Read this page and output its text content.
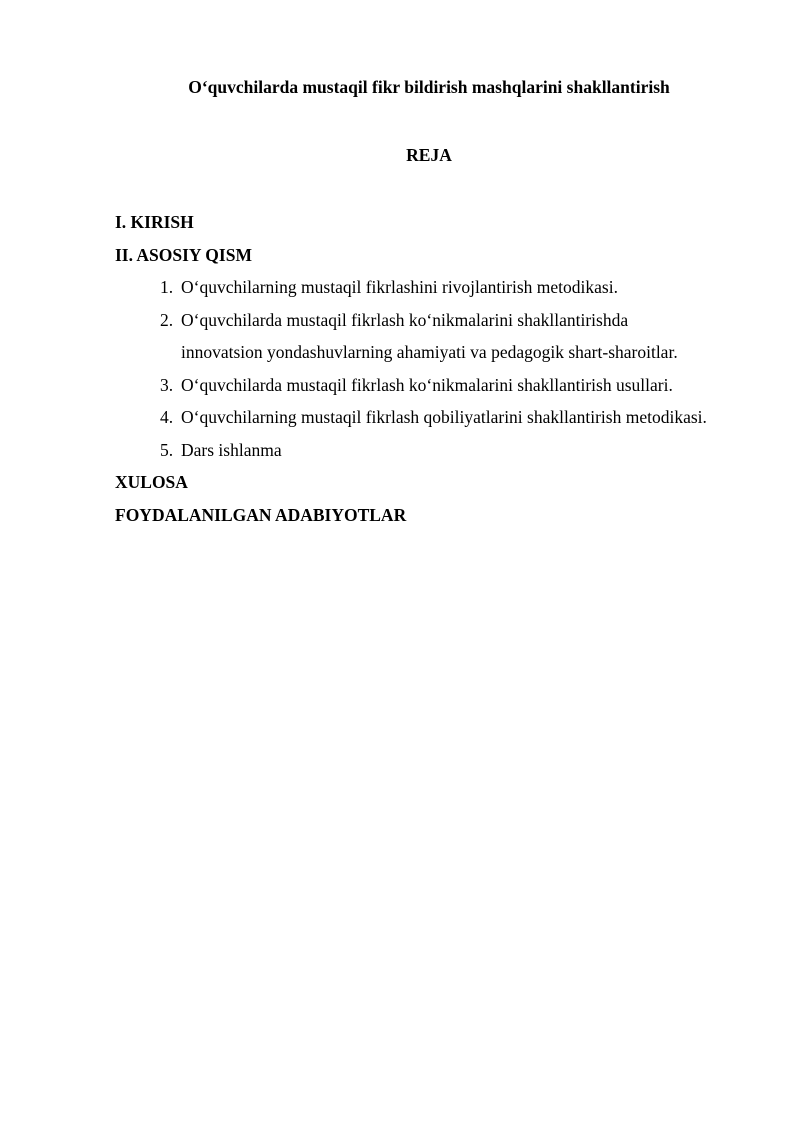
O‘quvchilarda mustaqil fikr bildirish mashqlarini shakllantirish
REJA
I. KIRISH
II. ASOSIY QISM
1. O‘quvchilarning mustaqil fikrlashini rivojlantirish metodikasi.
2. O‘quvchilarda mustaqil fikrlash ko‘nikmalarini shakllantirishda
innovatsion yondashuvlarning ahamiyati va pedagogik shart-sharoitlar.
3. O‘quvchilarda mustaqil fikrlash ko‘nikmalarini shakllantirish usullari.
4. O‘quvchilarning mustaqil fikrlash qobiliyatlarini shakllantirish metodikasi.
5. Dars ishlanma
XULOSA
FOYDALANILGAN ADABIYOTLAR
